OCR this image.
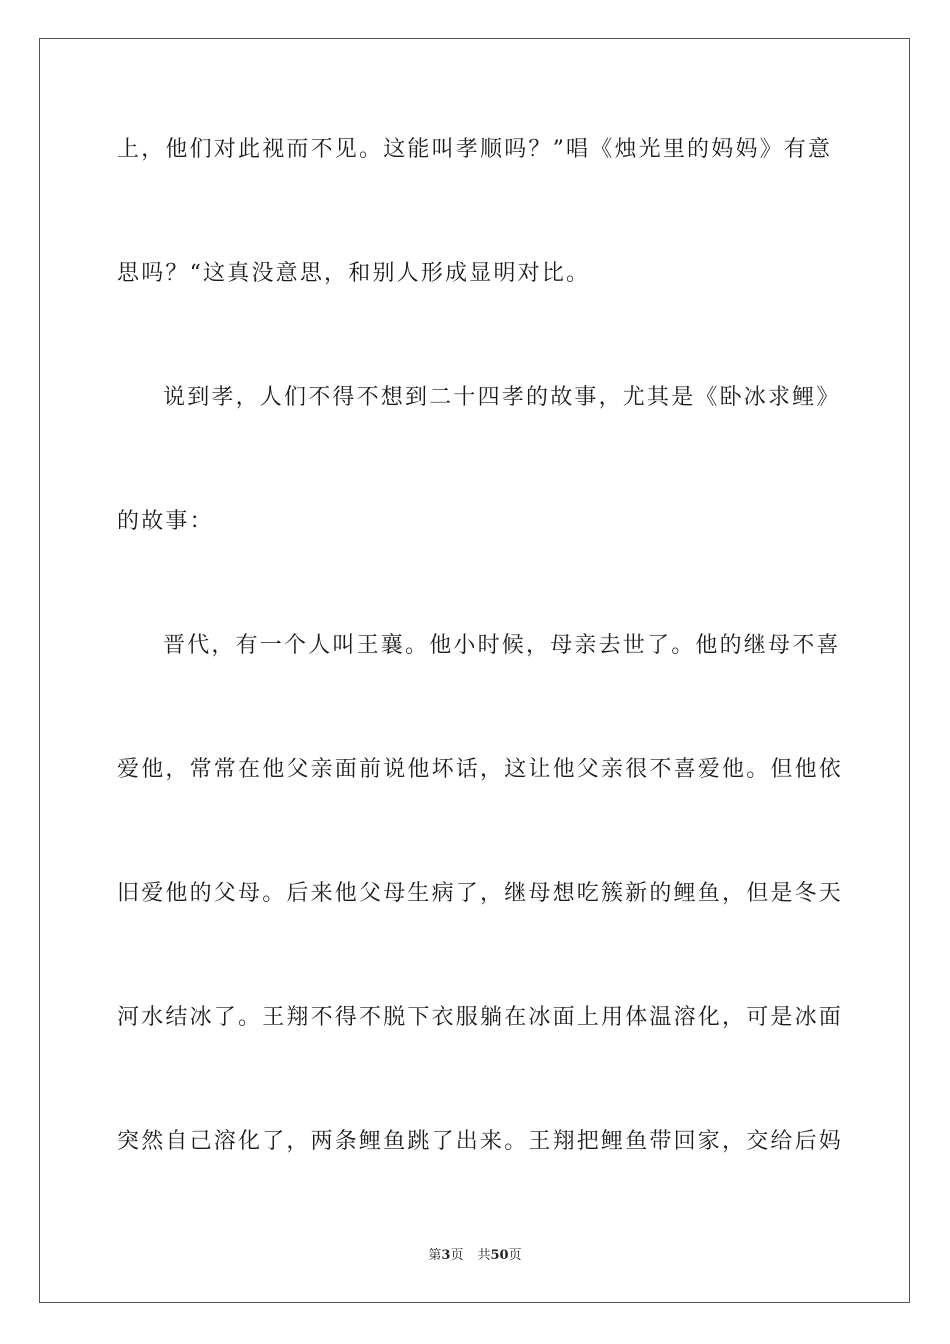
上，他们对此视而不见。这能叫孝顺吗？”唱《烛光里的妈妈》有意
思吗？“这真没意思，和别人形成显明对比。
说到孝，人们不得不想到二十四孝的故事，尤其是《卧冰求鲤》
的故事：
晋代，有一个人叫王襄。他小时候，母亲去世了。他的继母不喜
爱他，常常在他父亲面前说他坏话，这让他父亲很不喜爱他。但他依
旧爱他的父母。后来他父母生病了，继母想吃簇新的鲤鱼，但是冬天
河水结冰了。王翔不得不脱下衣服躺在冰面上用体温溶化，可是冰面
突然自己溶化了，两条鲤鱼跳了出来。王翔把鲤鱼带回家，交给后妈
第3页 共50页
